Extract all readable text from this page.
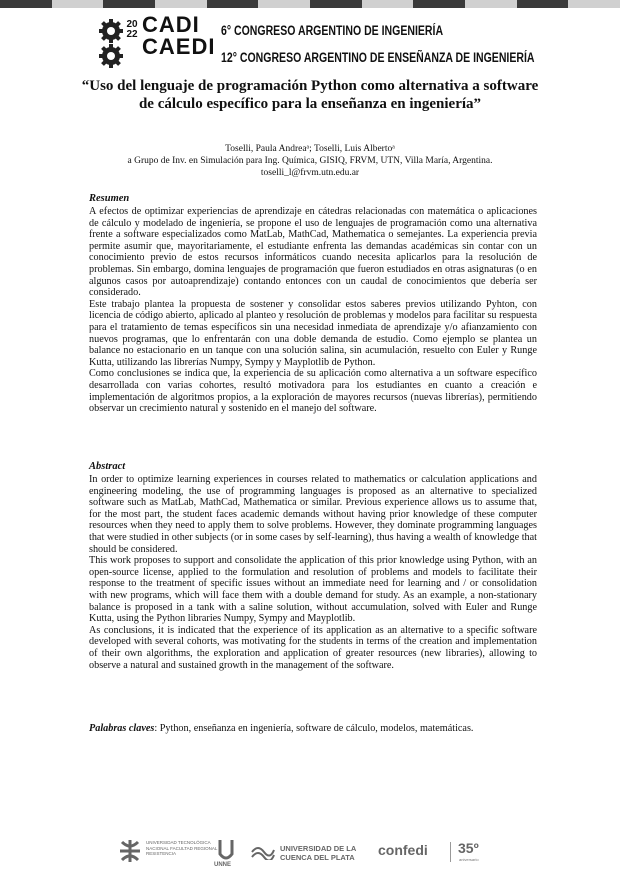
20
22 CADI
CAEDI
6° CONGRESO ARGENTINO DE INGENIERÍA
12° CONGRESO ARGENTINO DE ENSEÑANZA DE INGENIERÍA
“Uso del lenguaje de programación Python como alternativa a software
de cálculo específico para la enseñanza en ingeniería”
Toselli, Paula Andreaᵃ; Toselli, Luis Albertoᵃ
a Grupo de Inv. en Simulación para Ing. Química, GISIQ, FRVM, UTN, Villa María, Argentina.
toselli_l@frvm.utn.edu.ar
Resumen

A efectos de optimizar experiencias de aprendizaje en cátedras relacionadas con matemática o aplicaciones de cálculo y modelado de ingeniería, se propone el uso de lenguajes de programación como una alternativa frente a software especializados como MatLab, MathCad, Mathematica o semejantes. La experiencia previa permite asumir que, mayoritariamente, el estudiante enfrenta las demandas académicas sin contar con un conocimiento previo de estos recursos informáticos cuando necesita aplicarlos para la resolución de problemas. Sin embargo, domina lenguajes de programación que fueron estudiados en otras asignaturas (o en algunos casos por autoaprendizaje) contando entonces con un caudal de conocimientos que debería ser considerado.

Este trabajo plantea la propuesta de sostener y consolidar estos saberes previos utilizando Pyhton, con licencia de código abierto, aplicado al planteo y resolución de problemas y modelos para facilitar su respuesta para el tratamiento de temas específicos sin una necesidad inmediata de aprendizaje y/o afianzamiento con nuevos programas, que lo enfrentarán con una doble demanda de estudio. Como ejemplo se plantea un balance no estacionario en un tanque con una solución salina, sin acumulación, resuelto con Euler y Runge Kutta, utilizando las librerías Numpy, Sympy y Mayplotlib de Python.

Como conclusiones se indica que, la experiencia de su aplicación como alternativa a un software específico desarrollada con varias cohortes, resultó motivadora para los estudiantes en cuanto a creación e implementación de algoritmos propios, a la exploración de mayores recursos (nuevas librerías), permitiendo observar un crecimiento natural y sostenido en el manejo del software.

Abstract

In order to optimize learning experiences in courses related to mathematics or calculation applications and engineering modeling, the use of programming languages is proposed as an alternative to specialized software such as MatLab, MathCad, Mathematica or similar. Previous experience allows us to assume that, for the most part, the student faces academic demands without having prior knowledge of these computer resources when they need to apply them to solve problems. However, they dominate programming languages that were studied in other subjects (or in some cases by self-learning), thus having a wealth of knowledge that should be considered.

This work proposes to support and consolidate the application of this prior knowledge using Python, with an open-source license, applied to the formulation and resolution of problems and models to facilitate their response to the treatment of specific issues without an immediate need for learning and / or consolidation with new programs, which will face them with a double demand for study. As an example, a non-stationary balance is proposed in a tank with a saline solution, without accumulation, solved with Euler and Runge Kutta, using the Python libraries Numpy, Sympy and Mayplotlib.

As conclusions, it is indicated that the experience of its application as an alternative to a specific software developed with several cohorts, was motivating for the students in terms of the creation and implementation of their own algorithms, the exploration and application of greater resources (new libraries), allowing to observe a natural and sustained growth in the management of the software.

Palabras claves: Python, enseñanza en ingeniería, software de cálculo, modelos, matemáticas.
UNIVERSIDAD TECNOLÓGICA NACIONAL FACULTAD REGIONAL RESISTENCIA
UNNE
UNIVERSIDAD DE LA CUENCA DEL PLATA	confedi 35º
aniversario
